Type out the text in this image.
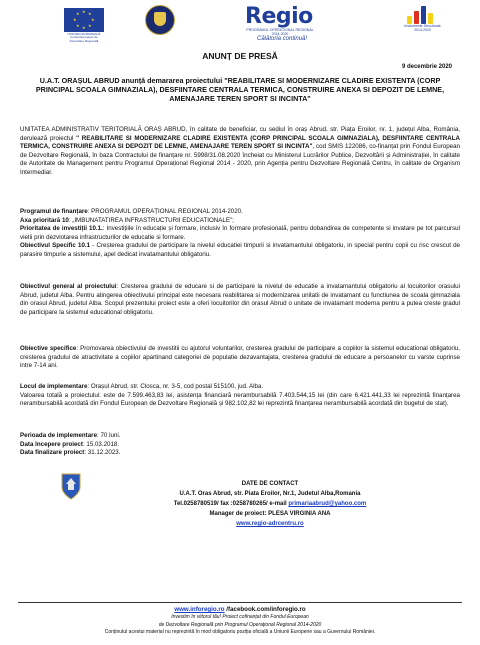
★ ★
★
★
★
★
★
★
UNIUNEA EUROPEANĂ
Fondul European de
Dezvoltare Regională
Regio
PROGRAMUL OPERAȚIONAL REGIONAL 2014-2020
Călătoria continuă!
Instrumente Structurale
2014-2020
ANUNȚ DE PRESĂ
9 decembrie 2020
U.A.T. ORAȘUL ABRUD anunță demararea proiectului "REABILITARE SI MODERNIZARE CLADIRE EXISTENTA (CORP PRINCIPAL SCOALA GIMNAZIALA), DESFIINTARE CENTRALA TERMICA, CONSTRUIRE ANEXA SI DEPOZIT DE LEMNE, AMENAJARE TEREN SPORT SI INCINTA"
UNITATEA ADMINISTRATIV TERITORIALĂ ORAȘ ABRUD, în calitate de beneficiar, cu sediul în oraș Abrud, str. Piața Eroilor, nr. 1, județul Alba, România, derulează proiectul " REABILITARE SI MODERNIZARE CLADIRE EXISTENTA (CORP PRINCIPAL SCOALA GIMNAZIALA), DESFIINTARE CENTRALA TERMICA, CONSTRUIRE ANEXA SI DEPOZIT DE LEMNE, AMENAJARE TEREN SPORT SI INCINTA", cod SMIS 122086, co-finanțat prin Fondul European de Dezvoltare Regională, în baza Contractului de finanțare nr. 5998/31.08.2020 încheiat cu Ministerul Lucrărilor Publice, Dezvoltării și Administrației, în calitate de Autoritate de Management pentru Programul Operațional Regional 2014 - 2020, prin Agenția pentru Dezvoltare Regională Centru, în calitate de Organism Intermediar.
Programul de finanțare: PROGRAMUL OPERAȚIONAL REGIONAL 2014-2020.
Axa prioritară 10: „IMBUNATATIREA INFRASTRUCTURII EDUCATIONALE";
Prioritatea de investiții 10.1.: Investițiile în educație și formare, inclusiv în formare profesională, pentru dobandirea de competente si invatare pe tot parcursul vietii prin dezvlotarea infrastructurilor de educatie si formare.
Obiectivul Specific 10.1 - Creșterea gradului de participare la nivelul educatiei timpurii si invatamantului obligatoriu, in special pentru copii cu risc crescut de parasire timpurie a sistemului, apel dedicat invatamantului obligatoriu.
Obiectivul general al proiectului: Cresterea gradului de educare si de participare la nivelul de educatie a invatamantului obligatoriu al locuitorilor orasului Abrud, judetul Alba. Pentru atingerea obiectivului principal este necesara reabilitarea si modernizarea unitatii de invatamant cu functiunea de scoala gimnaziala din orasul Abrud, judetul Alba. Scopul prezentului proiect este a oferi locuitorilor din orasul Abrud o unitate de invatamant moderna pentru a putea creste gradul de participare la sistemul educational obligatoriu.
Obiective specifice: Promovarea obiectivului de investitii cu ajutorul voluntarilor, cresterea gradului de participare a copiilor la sistemul educational obligatoriu, cresterea gradului de atractivitate a copiilor apartinand categoriei de populatie dezavantajata, cresterea gradului de educare a persoanelor cu varste cuprinse intre 7-14 ani.
Locul de implementare: Orașul Abrud, str. Closca, nr. 3-5, cod postal 515100, jud. Alba.
Valoarea totală a proiectului: este de 7.599.463,83 lei, asistența financiară nerambursabilă 7.403.544,15 lei (din care 6.421.441,33 lei reprezintă finanțarea nerambursabilă acordată din Fondul European de Dezvoltare Regională și 982.102,82 lei reprezintă finanțarea nerambursabilă acordată din bugetul de stat).
Perioada de implementare: 70 luni.
Data începere proiect: 15.03.2018.
Data finalizare proiect: 31.12.2023.
DATE DE CONTACT
U.A.T. Oras Abrud, str. Piata Eroilor, Nr.1, Judetul Alba,Romania
Tel.0258780519/ fax :0258780265/ e-mail primariaabrud@yahoo.com
Manager de proiect: PLESA VIRGINIA ANA
www.regio-adrcentru.ro
www.inforegio.ro /facebook.com/inforegio.ro
Investim în viitorul tău! Proiect cofinanțat din Fondul European
de Dezvoltare Regională prin Programul Operațional Regional 2014-2020
Conținutul acestui material nu reprezintă în mod obligatoriu poziția oficială a Uniunii Europene sau a Guvernului României.
